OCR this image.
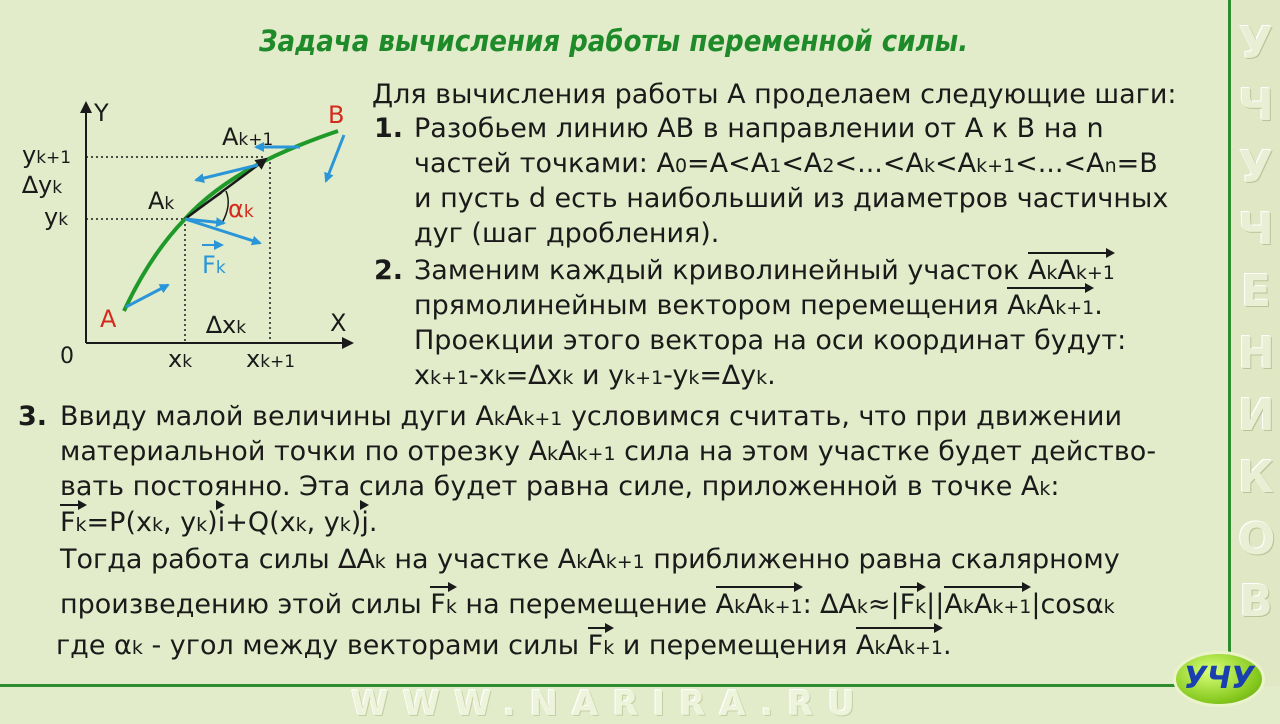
У
Ч
У
Ч
Е
Н
И
К
О
В
WWW.NARIRA.RU
УЧУ
Задача вычисления работы переменной силы.
Y
X
0
A
B
Ak
Ak+1
yk+1
∆yk
yk	αk
Fk
∆xk
xk xk+1
Для вычисления работы A проделаем следующие шаги:
1. Разобьем линию AB в направлении от A к B на n
частей точками: A0=A<A1<A2<...<Ak<Ak+1<...<An=B
и пусть d есть наибольший из диаметров частичных
дуг (шаг дробления).
2. Заменим каждый криволинейный участок AkAk+1
прямолинейным вектором перемещения AkAk+1.
Проекции этого вектора на оси координат будут:
xk+1-xk=∆xk и yk+1-yk=∆yk.
3. Ввиду малой величины дуги AkAk+1 условимся считать, что при движении
материальной точки по отрезку AkAk+1 сила на этом участке будет действо-
вать постоянно. Эта сила будет равна силе, приложенной в точке Ak:
Fk=P(xk, yk)i+Q(xk, yk)j.
Тогда работа силы ∆Ak на участке AkAk+1 приближенно равна скалярному
произведению этой силы Fk на перемещение AkAk+1: ∆Ak≈|Fk||AkAk+1|cosαk
где αk - угол между векторами силы Fk и перемещения AkAk+1.
